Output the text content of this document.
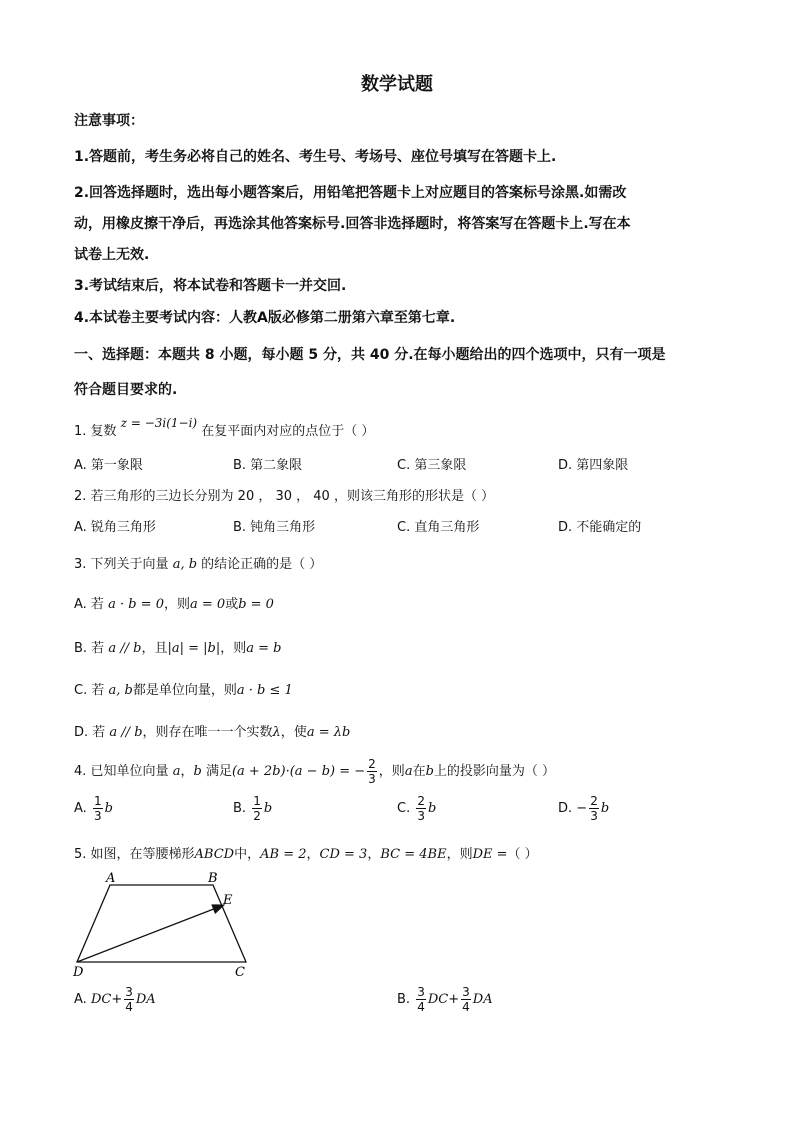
数学试题
注意事项：
1.答题前，考生务必将自己的姓名、考生号、考场号、座位号填写在答题卡上.
2.回答选择题时，选出每小题答案后，用铅笔把答题卡上对应题目的答案标号涂黑.如需改
动，用橡皮擦干净后，再选涂其他答案标号.回答非选择题时，将答案写在答题卡上.写在本
试卷上无效.
3.考试结束后，将本试卷和答题卡一并交回.
4.本试卷主要考试内容：人教A版必修第二册第六章至第七章.
一、选择题：本题共 8 小题，每小题 5 分，共 40 分.在每小题给出的四个选项中，只有一项是
符合题目要求的.
1. 复数 z = −3i(1−i) 在复平面内对应的点位于（ ）
A. 第一象限	B. 第二象限	C. 第三象限	D. 第四象限
2. 若三角形的三边长分别为 20 ， 30 ， 40 ，则该三角形的形状是（ ）
A. 锐角三角形	B. 钝角三角形	C. 直角三角形	D. 不能确定的
3. 下列关于向量 a, b 的结论正确的是（ ）
A. 若 a · b = 0，则a = 0或b = 0
B. 若 a // b，且|a| = |b|，则a = b
C. 若 a, b都是单位向量，则a · b ≤ 1
D. 若 a // b，则存在唯一一个实数λ，使a = λb
4. 已知单位向量 a，b 满足(a + 2b)·(a − b) = − $\frac{2}{3}$ ，则a在b上的投影向量为（ ）
A. $\frac{1}{3}$ b	B. $\frac{1}{2}$ b	C. $\frac{2}{3}$ b	D. − $\frac{2}{3}$ b
5. 如图，在等腰梯形ABCD中，AB = 2，CD = 3，BC = 4BE，则DE =（ ）
A	B
E
D	C
A. $DC+ \frac{3}{4}$ DA	B. $\frac{3}{4} DC+ \frac{3}{4}$ DA
